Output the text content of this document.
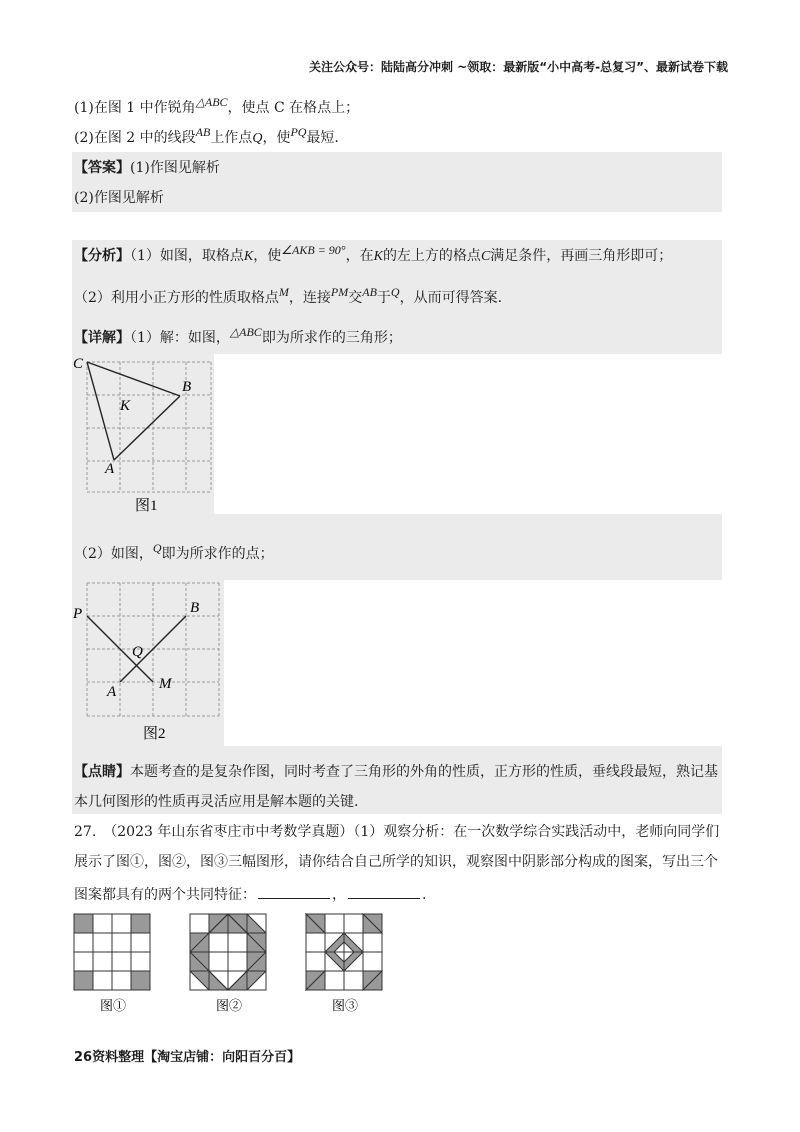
关注公众号：陆陆高分冲刺 ~领取：最新版“小中高考-总复习”、最新试卷下载
(1)在图 1 中作锐角△ABC，使点 C 在格点上；
(2)在图 2 中的线段AB上作点Q，使PQ最短.
【答案】(1)作图见解析
(2)作图见解析
【分析】（1）如图，取格点K，使∠AKB = 90°，在K的左上方的格点C满足条件，再画三角形即可；
（2）利用小正方形的性质取格点M，连接PM交AB于Q，从而可得答案.
【详解】（1）解：如图，△ABC即为所求作的三角形；
C
B
K
A
图1
（2）如图，Q即为所求作的点；
P	B
Q
A	M
图2
【点睛】本题考查的是复杂作图，同时考查了三角形的外角的性质，正方形的性质，垂线段最短，熟记基
本几何图形的性质再灵活应用是解本题的关键.
27.　（2023 年山东省枣庄市中考数学真题）（1）观察分析：在一次数学综合实践活动中，老师向同学们
展示了图①，图②，图③三幅图形，请你结合自己所学的知识，观察图中阴影部分构成的图案，写出三个
图案都具有的两个共同特征：	，	.
图①	图②	图③
26资料整理【淘宝店铺：向阳百分百】
